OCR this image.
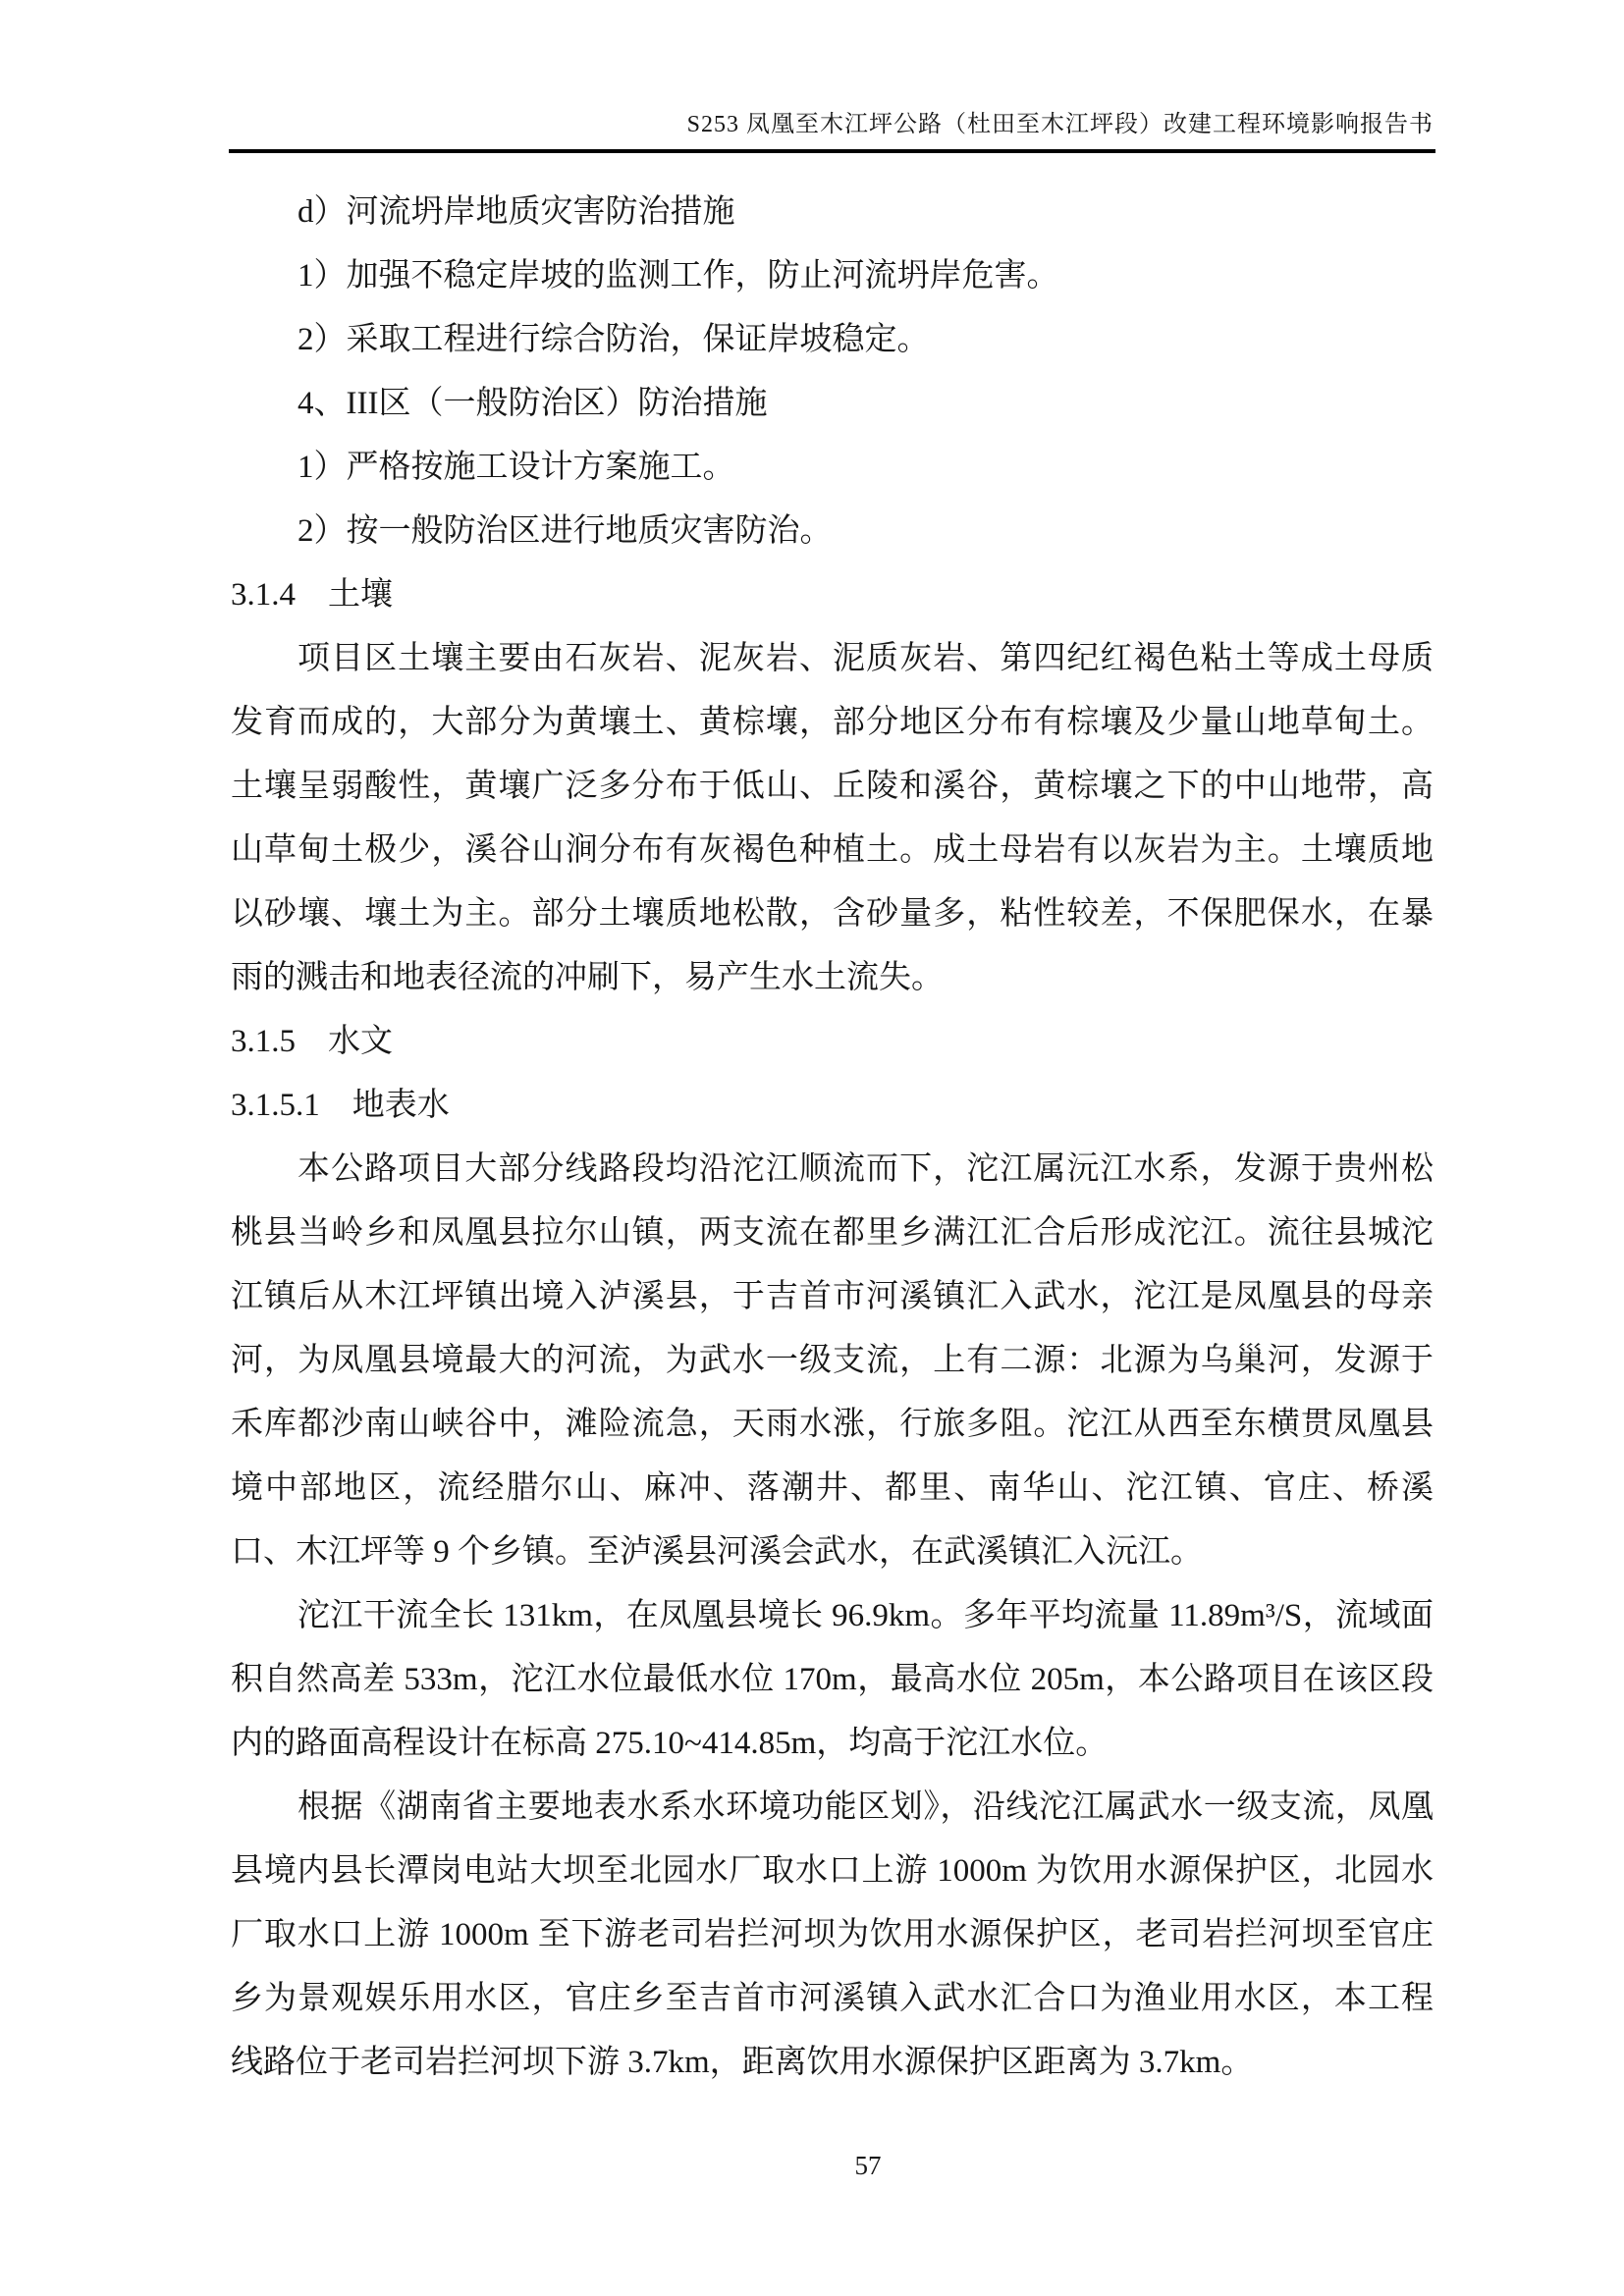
S253 凤凰至木江坪公路（杜田至木江坪段）改建工程环境影响报告书
d）河流坍岸地质灾害防治措施
1）加强不稳定岸坡的监测工作，防止河流坍岸危害。
2）采取工程进行综合防治，保证岸坡稳定。
4、III区（一般防治区）防治措施
1）严格按施工设计方案施工。
2）按一般防治区进行地质灾害防治。
3.1.4  土壤
项目区土壤主要由石灰岩、泥灰岩、泥质灰岩、第四纪红褐色粘土等成土母质
发育而成的，大部分为黄壤土、黄棕壤，部分地区分布有棕壤及少量山地草甸土。
土壤呈弱酸性，黄壤广泛多分布于低山、丘陵和溪谷，黄棕壤之下的中山地带，高
山草甸土极少，溪谷山涧分布有灰褐色种植土。成土母岩有以灰岩为主。土壤质地
以砂壤、壤土为主。部分土壤质地松散，含砂量多，粘性较差，不保肥保水，在暴
雨的溅击和地表径流的冲刷下，易产生水土流失。
3.1.5  水文
3.1.5.1  地表水
本公路项目大部分线路段均沿沱江顺流而下，沱江属沅江水系，发源于贵州松
桃县当岭乡和凤凰县拉尔山镇，两支流在都里乡满江汇合后形成沱江。流往县城沱
江镇后从木江坪镇出境入泸溪县，于吉首市河溪镇汇入武水，沱江是凤凰县的母亲
河，为凤凰县境最大的河流，为武水一级支流，上有二源：北源为乌巢河，发源于
禾库都沙南山峡谷中，滩险流急，天雨水涨，行旅多阻。沱江从西至东横贯凤凰县
境中部地区，流经腊尔山、麻冲、落潮井、都里、南华山、沱江镇、官庄、桥溪
口、木江坪等 9 个乡镇。至泸溪县河溪会武水，在武溪镇汇入沅江。
沱江干流全长 131km，在凤凰县境长 96.9km。多年平均流量 11.89m³/S，流域面
积自然高差 533m，沱江水位最低水位 170m，最高水位 205m，本公路项目在该区段
内的路面高程设计在标高 275.10~414.85m，均高于沱江水位。
根据《湖南省主要地表水系水环境功能区划》，沿线沱江属武水一级支流，凤凰
县境内县长潭岗电站大坝至北园水厂取水口上游 1000m 为饮用水源保护区，北园水
厂取水口上游 1000m 至下游老司岩拦河坝为饮用水源保护区，老司岩拦河坝至官庄
乡为景观娱乐用水区，官庄乡至吉首市河溪镇入武水汇合口为渔业用水区，本工程
线路位于老司岩拦河坝下游 3.7km，距离饮用水源保护区距离为 3.7km。
57
